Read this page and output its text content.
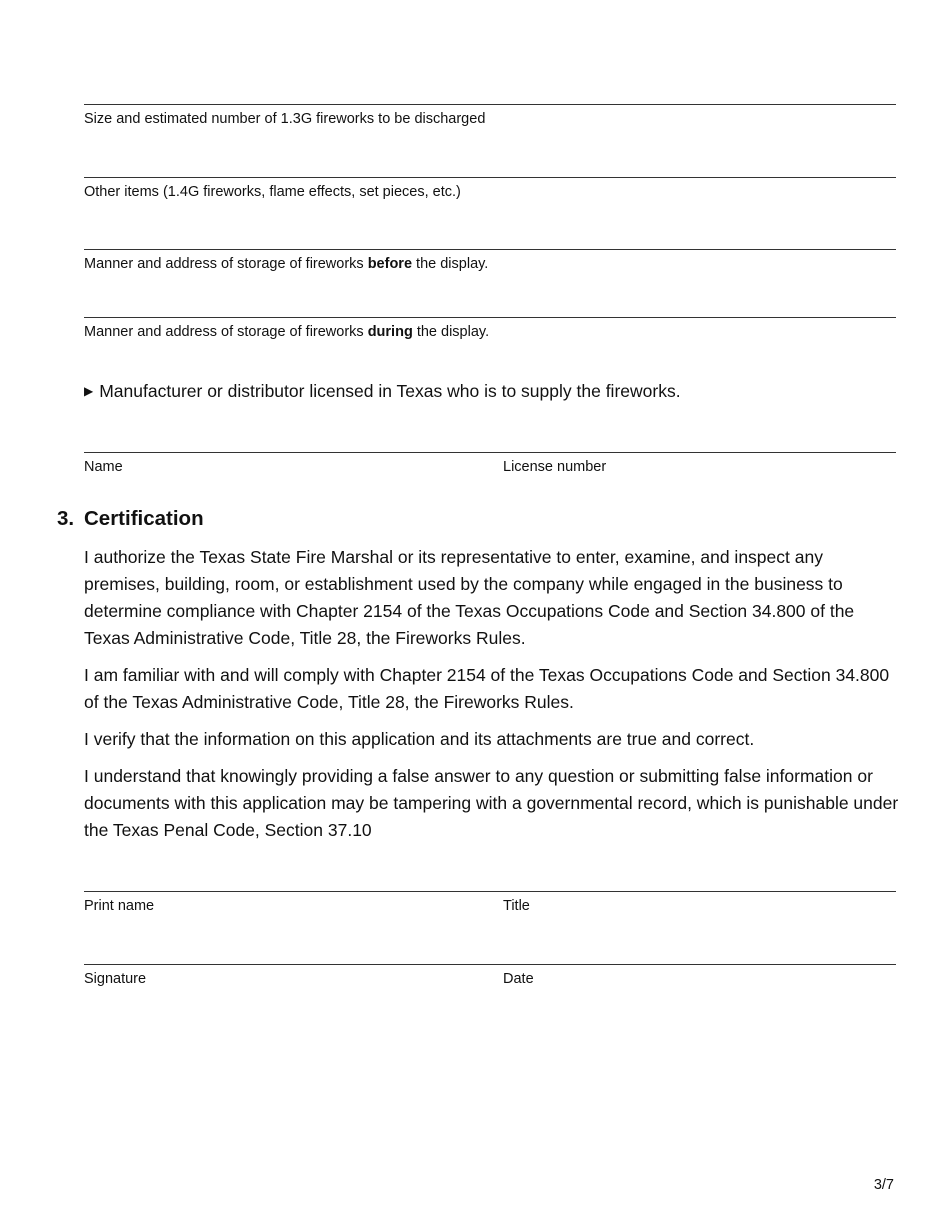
Size and estimated number of 1.3G fireworks to be discharged
Other items (1.4G fireworks, flame effects, set pieces, etc.)
Manner and address of storage of fireworks before the display.
Manner and address of storage of fireworks during the display.
▶ Manufacturer or distributor licensed in Texas who is to supply the fireworks.
Name	License number
3. Certification

I authorize the Texas State Fire Marshal or its representative to enter, examine, and inspect any premises, building, room, or establishment used by the company while engaged in the business to determine compliance with Chapter 2154 of the Texas Occupations Code and Section 34.800 of the Texas Administrative Code, Title 28, the Fireworks Rules.

I am familiar with and will comply with Chapter 2154 of the Texas Occupations Code and Section 34.800 of the Texas Administrative Code, Title 28, the Fireworks Rules.

I verify that the information on this application and its attachments are true and correct.

I understand that knowingly providing a false answer to any question or submitting false information or documents with this application may be tampering with a governmental record, which is punishable under the Texas Penal Code, Section 37.10

Print name	Title
Signature	Date
3/7
